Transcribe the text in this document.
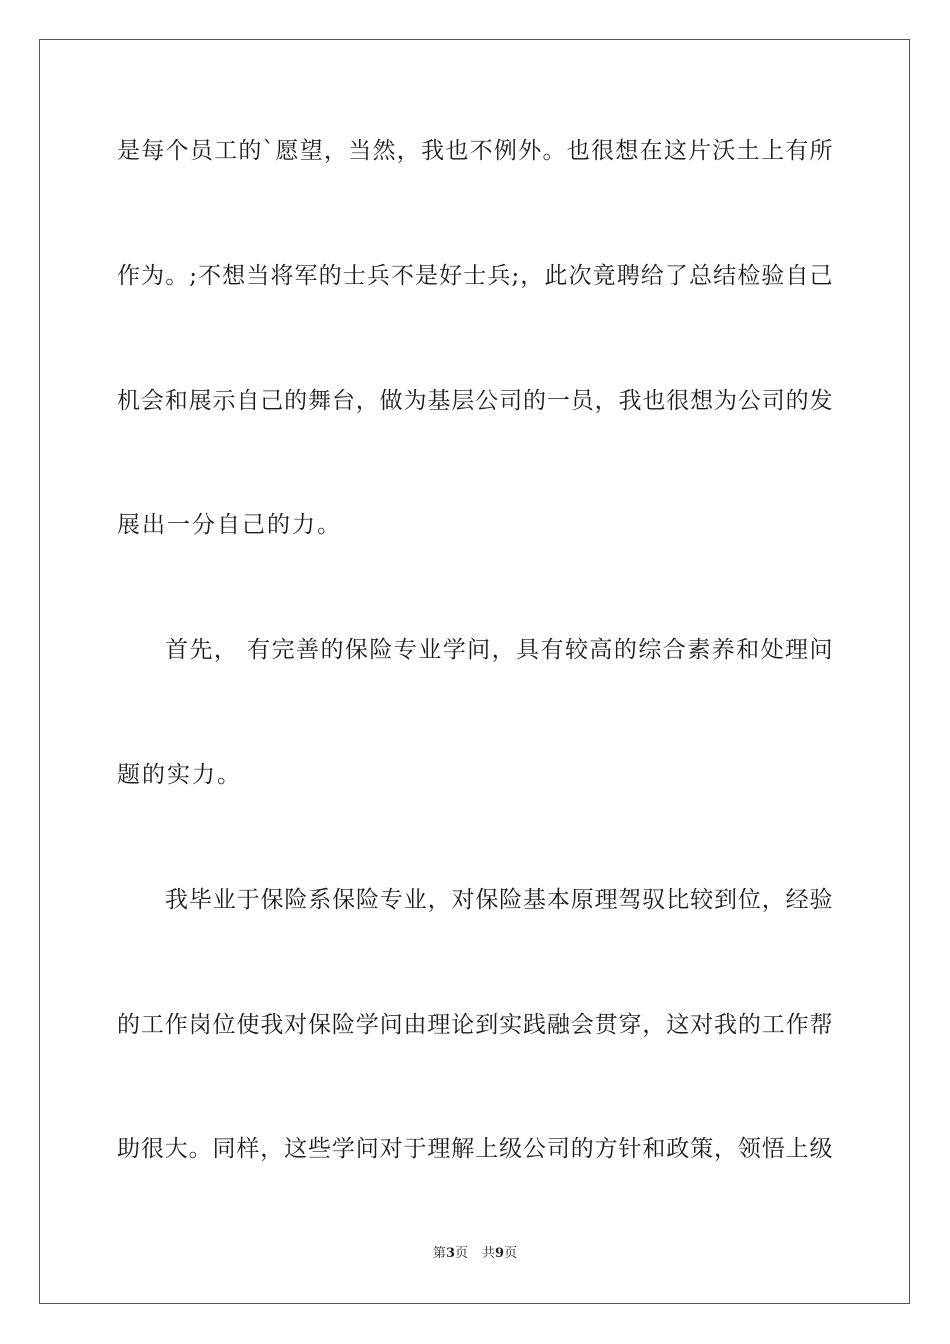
是每个员工的`愿望，当然，我也不例外。也很想在这片沃土上有所
作为。;不想当将军的士兵不是好士兵;，此次竟聘给了总结检验自己
机会和展示自己的舞台，做为基层公司的一员，我也很想为公司的发
展出一分自己的力。
首先， 有完善的保险专业学问，具有较高的综合素养和处理问
题的实力。
我毕业于保险系保险专业，对保险基本原理驾驭比较到位，经验
的工作岗位使我对保险学问由理论到实践融会贯穿，这对我的工作帮
助很大。同样，这些学问对于理解上级公司的方针和政策，领悟上级
第3页 共9页
